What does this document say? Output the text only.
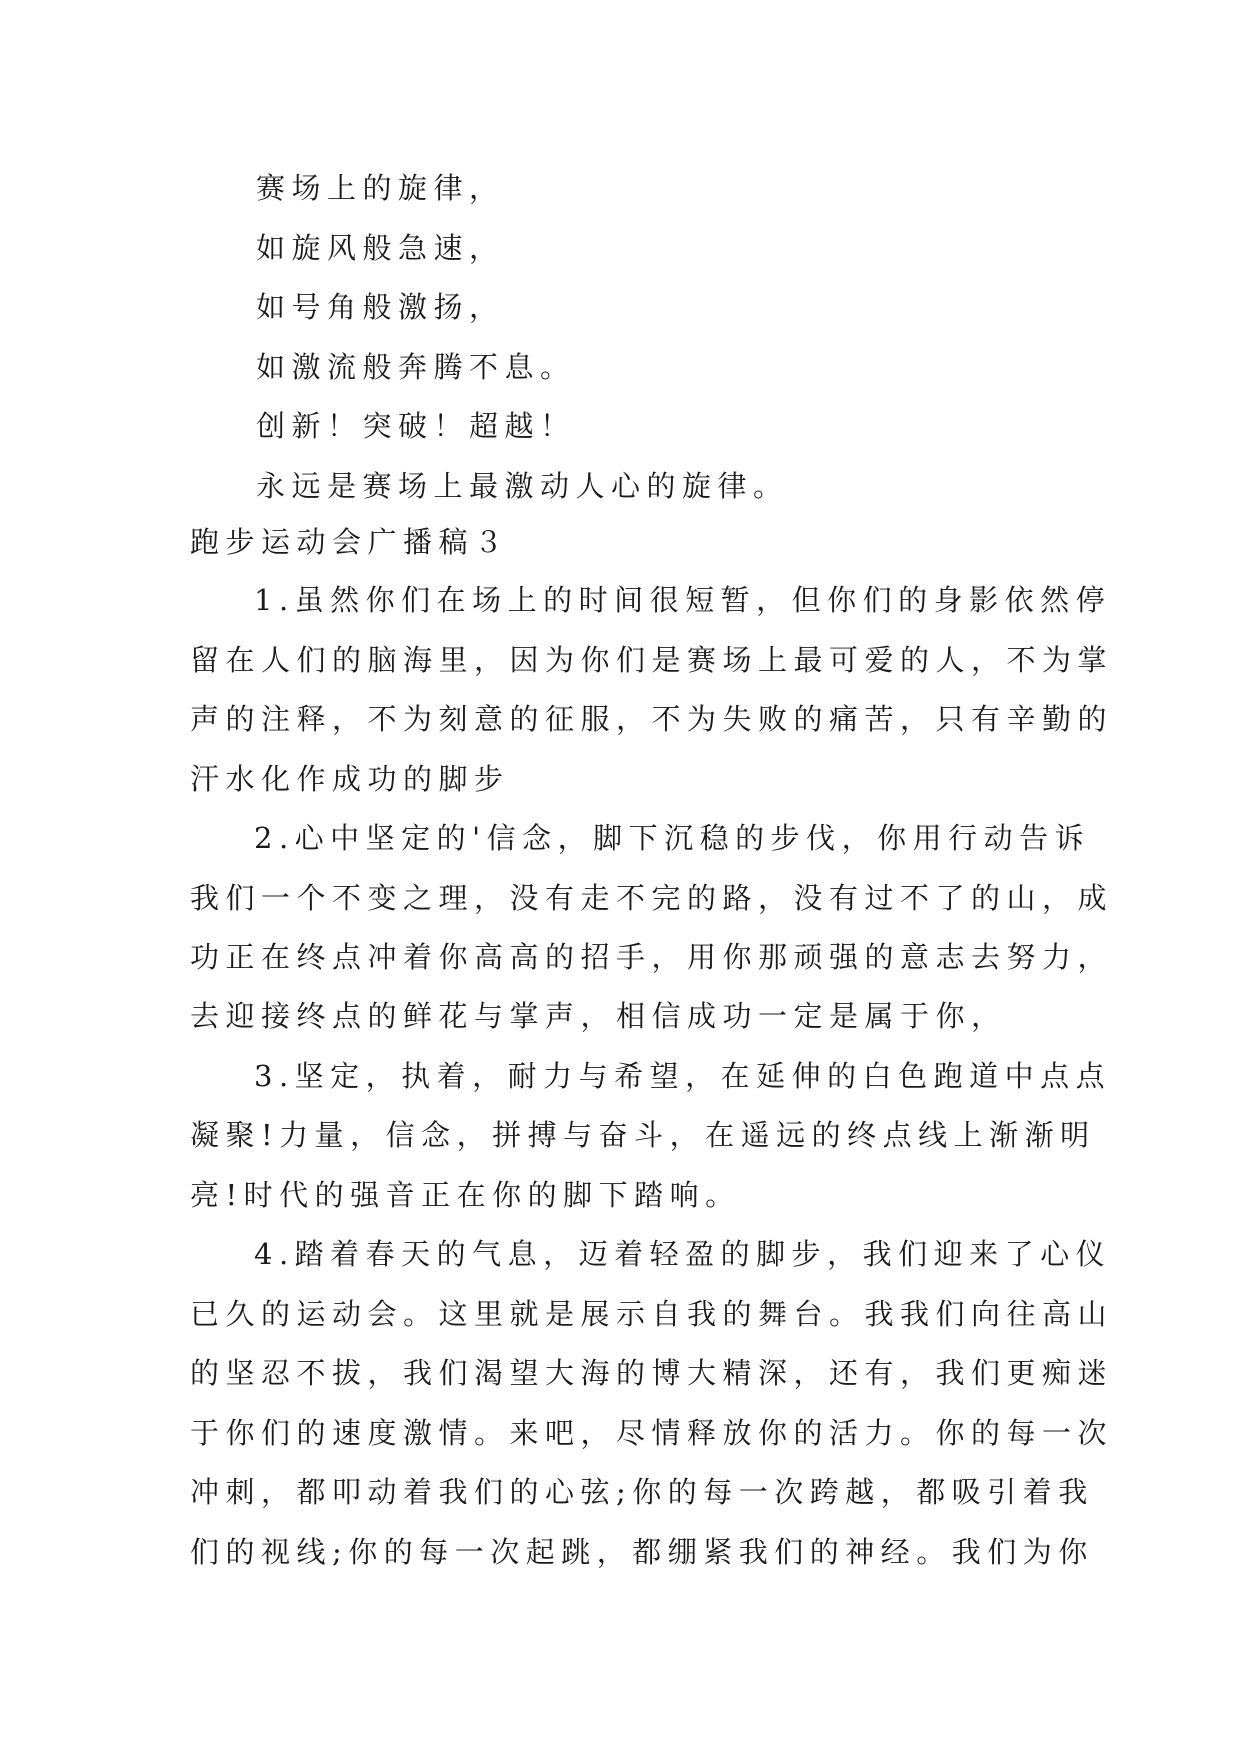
赛场上的旋律，
如旋风般急速，
如号角般激扬，
如激流般奔腾不息。
创新！突破！超越！
永远是赛场上最激动人心的旋律。
跑步运动会广播稿３
1.虽然你们在场上的时间很短暂，但你们的身影依然停
留在人们的脑海里，因为你们是赛场上最可爱的人，不为掌
声的注释，不为刻意的征服，不为失败的痛苦，只有辛勤的
汗水化作成功的脚步
2.心中坚定的'信念，脚下沉稳的步伐，你用行动告诉
我们一个不变之理，没有走不完的路，没有过不了的山，成
功正在终点冲着你高高的招手，用你那顽强的意志去努力，
去迎接终点的鲜花与掌声，相信成功一定是属于你，
3.坚定，执着，耐力与希望，在延伸的白色跑道中点点
凝聚!力量，信念，拼搏与奋斗，在遥远的终点线上渐渐明
亮!时代的强音正在你的脚下踏响。
4.踏着春天的气息，迈着轻盈的脚步，我们迎来了心仪
已久的运动会。这里就是展示自我的舞台。我我们向往高山
的坚忍不拔，我们渴望大海的博大精深，还有，我们更痴迷
于你们的速度激情。来吧，尽情释放你的活力。你的每一次
冲刺，都叩动着我们的心弦;你的每一次跨越，都吸引着我
们的视线;你的每一次起跳，都绷紧我们的神经。我们为你
